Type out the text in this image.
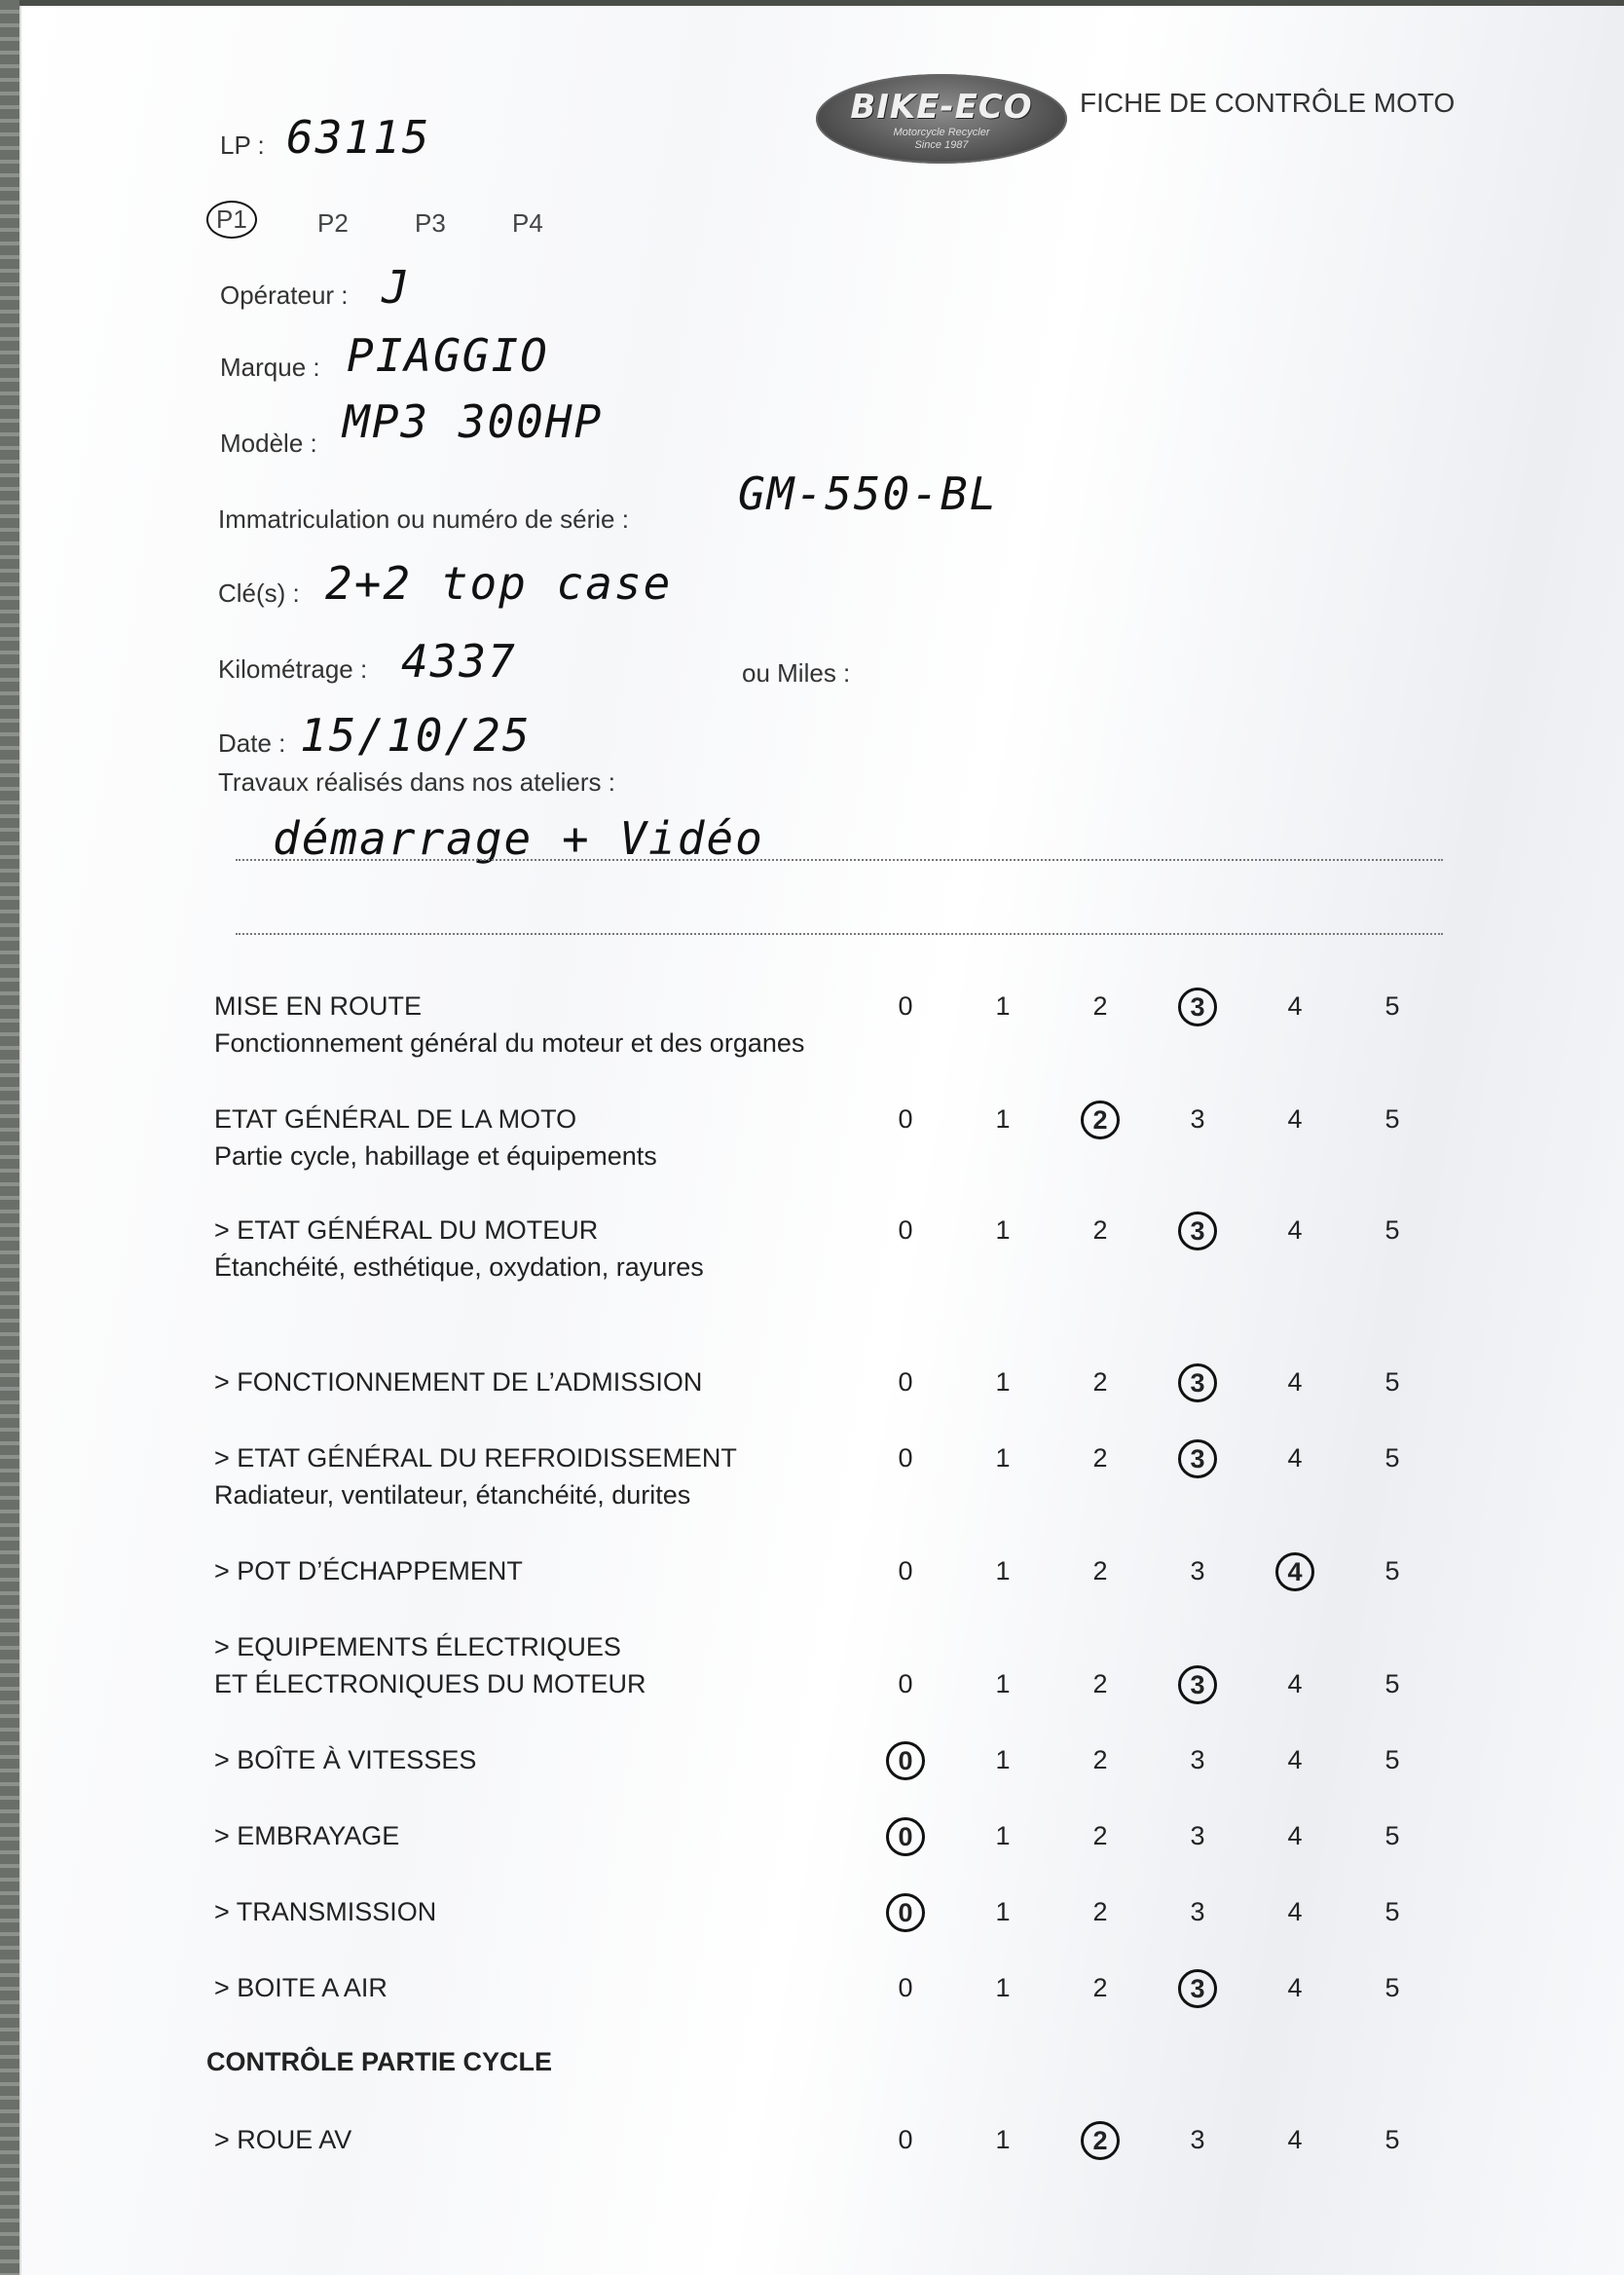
BIKE-ECO
Motorcycle Recycler
Since 1987
FICHE DE CONTRÔLE MOTO
LP : 63115
P1	P2	P3	P4
Opérateur : J
Marque : PIAGGIO
Modèle : MP3 300HP
Immatriculation ou numéro de série : GM-550-BL
Clé(s) : 2+2 top case
Kilométrage : 4337	ou Miles :
Date : 15/10/25
Travaux réalisés dans nos ateliers :
démarrage + Vidéo
MISE EN ROUTE
Fonctionnement général du moteur et des organes
0	1	2	3	4	5
ETAT GÉNÉRAL DE LA MOTO
Partie cycle, habillage et équipements
0	1	2	3	4	5
> ETAT GÉNÉRAL DU MOTEUR
Étanchéité, esthétique, oxydation, rayures
0	1	2	3	4	5
> FONCTIONNEMENT DE L’ADMISSION	0	1	2	3	4	5
> ETAT GÉNÉRAL DU REFROIDISSEMENT
Radiateur, ventilateur, étanchéité, durites
0	1	2	3	4	5
> POT D’ÉCHAPPEMENT	0	1	2	3	4	5
> EQUIPEMENTS ÉLECTRIQUES
ET ÉLECTRONIQUES DU MOTEUR	0	1	2	3	4	5
> BOÎTE À VITESSES	0	1	2	3	4	5
> EMBRAYAGE	0	1	2	3	4	5
> TRANSMISSION	0	1	2	3	4	5
> BOITE A AIR	0	1	2	3	4	5
CONTRÔLE PARTIE CYCLE
> ROUE AV	0	1	2	3	4	5
